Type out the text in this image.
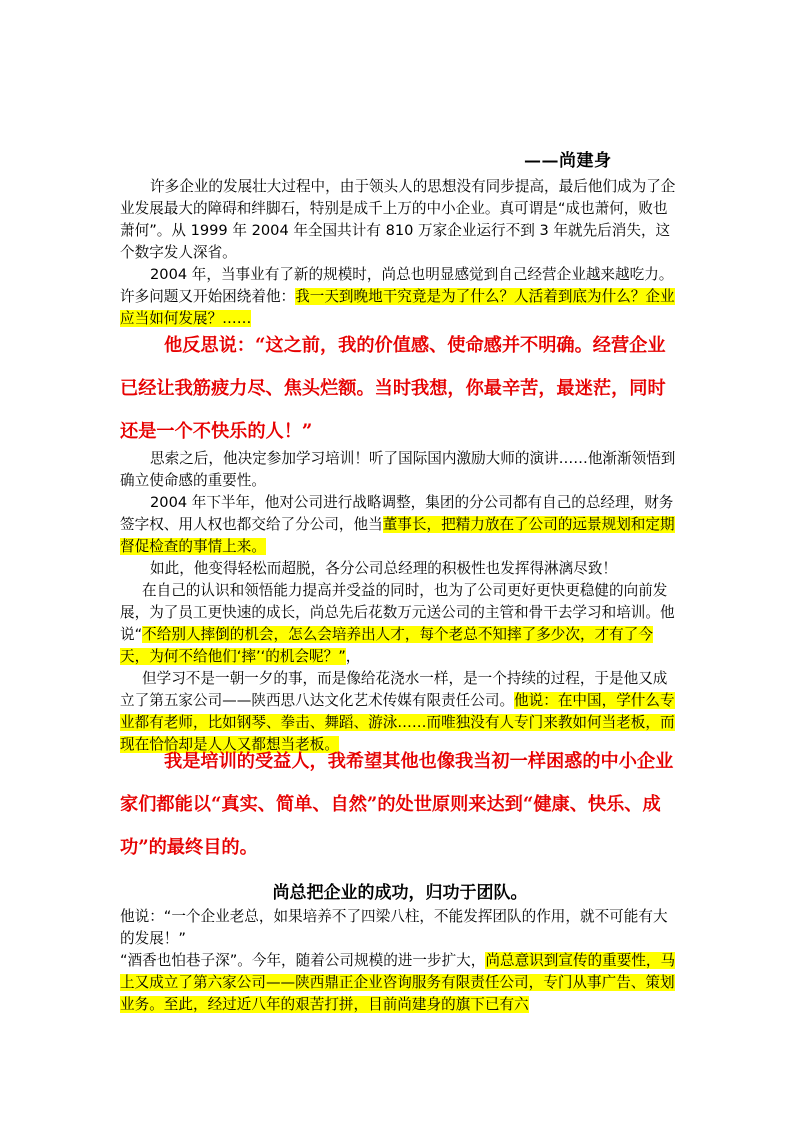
——尚建身

许多企业的发展壮大过程中，由于领头人的思想没有同步提高，最后他们成为了企业发展最大的障碍和绊脚石，特别是成千上万的中小企业。真可谓是“成也萧何，败也萧何”。从 1999 年 2004 年全国共计有 810 万家企业运行不到 3 年就先后消失，这个数字发人深省。

2004 年，当事业有了新的规模时，尚总也明显感觉到自己经营企业越来越吃力。许多问题又开始困绕着他：我一天到晚地干究竟是为了什么？人活着到底为什么？企业应当如何发展？……

他反思说：“这之前，我的价值感、使命感并不明确。经营企业已经让我筋疲力尽、焦头烂额。当时我想，你最辛苦，最迷茫，同时还是一个不快乐的人！”

思索之后，他决定参加学习培训！听了国际国内激励大师的演讲……他渐渐领悟到确立使命感的重要性。

2004 年下半年，他对公司进行战略调整，集团的分公司都有自己的总经理，财务签字权、用人权也都交给了分公司，他当董事长，把精力放在了公司的远景规划和定期督促检查的事情上来。

如此，他变得轻松而超脱，各分公司总经理的积极性也发挥得淋漓尽致！

在自己的认识和领悟能力提高并受益的同时，也为了公司更好更快更稳健的向前发展，为了员工更快速的成长，尚总先后花数万元送公司的主管和骨干去学习和培训。他说“不给别人摔倒的机会，怎么会培养出人才，每个老总不知摔了多少次，才有了今天，为何不给他们‘摔’‘的机会呢？”，

但学习不是一朝一夕的事，而是像给花浇水一样，是一个持续的过程，于是他又成立了第五家公司——陕西思八达文化艺术传媒有限责任公司。他说：在中国，学什么专业都有老师，比如钢琴、拳击、舞蹈、游泳……而唯独没有人专门来教如何当老板，而现在恰恰却是人人又都想当老板。

我是培训的受益人，我希望其他也像我当初一样困惑的中小企业家们都能以“真实、简单、自然”的处世原则来达到“健康、快乐、成功”的最终目的。
尚总把企业的成功，归功于团队。

他说：“一个企业老总，如果培养不了四梁八柱，不能发挥团队的作用，就不可能有大的发展！”

“酒香也怕巷子深”。今年，随着公司规模的进一步扩大，尚总意识到宣传的重要性，马上又成立了第六家公司——陕西鼎正企业咨询服务有限责任公司，专门从事广告、策划业务。至此，经过近八年的艰苦打拼，目前尚建身的旗下已有六
